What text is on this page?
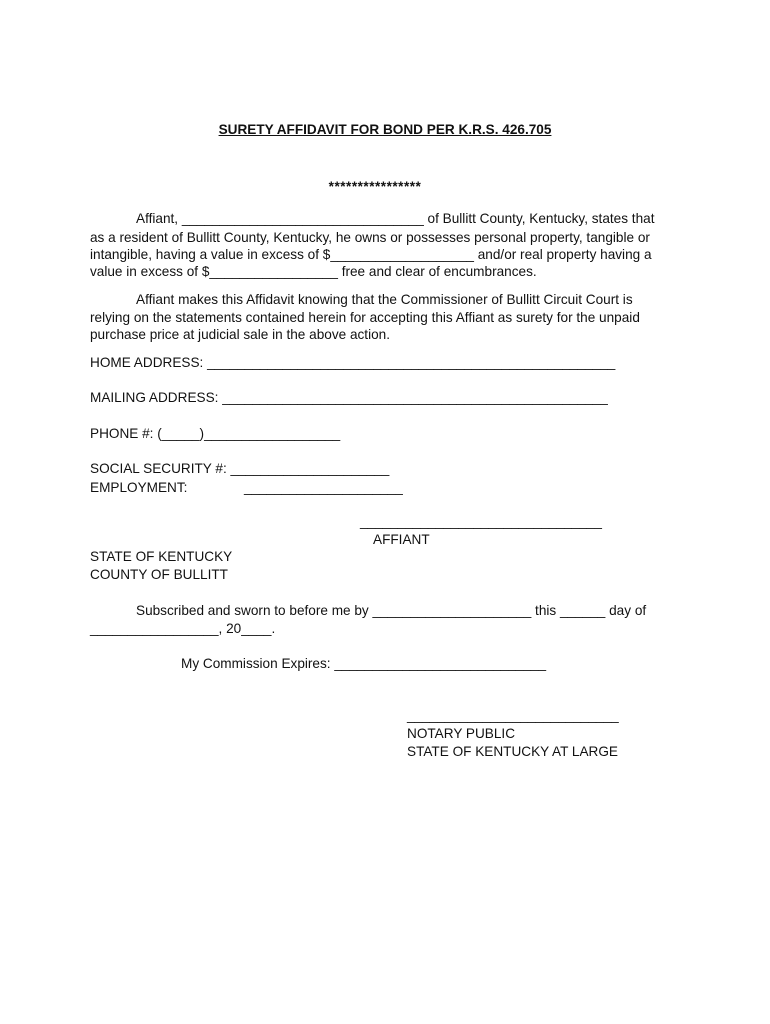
SURETY AFFIDAVIT FOR BOND PER K.R.S. 426.705
****************
Affiant, ________________________________ of Bullitt County, Kentucky, states that
as a resident of Bullitt County, Kentucky, he owns or possesses personal property, tangible or
intangible, having a value in excess of $___________________ and/or real property having a
value in excess of $_________________ free and clear of encumbrances.
Affiant makes this Affidavit knowing that the Commissioner of Bullitt Circuit Court is
relying on the statements contained herein for accepting this Affiant as surety for the unpaid
purchase price at judicial sale in the above action.
HOME ADDRESS: ______________________________________________________
MAILING ADDRESS: ___________________________________________________
PHONE #: (_____)__________________
SOCIAL SECURITY #: _____________________
EMPLOYMENT:	_____________________
________________________________
AFFIANT
STATE OF KENTUCKY
COUNTY OF BULLITT
Subscribed and sworn to before me by _____________________ this ______ day of
_________________, 20____.
My Commission Expires: ____________________________
____________________________
NOTARY PUBLIC
STATE OF KENTUCKY AT LARGE
